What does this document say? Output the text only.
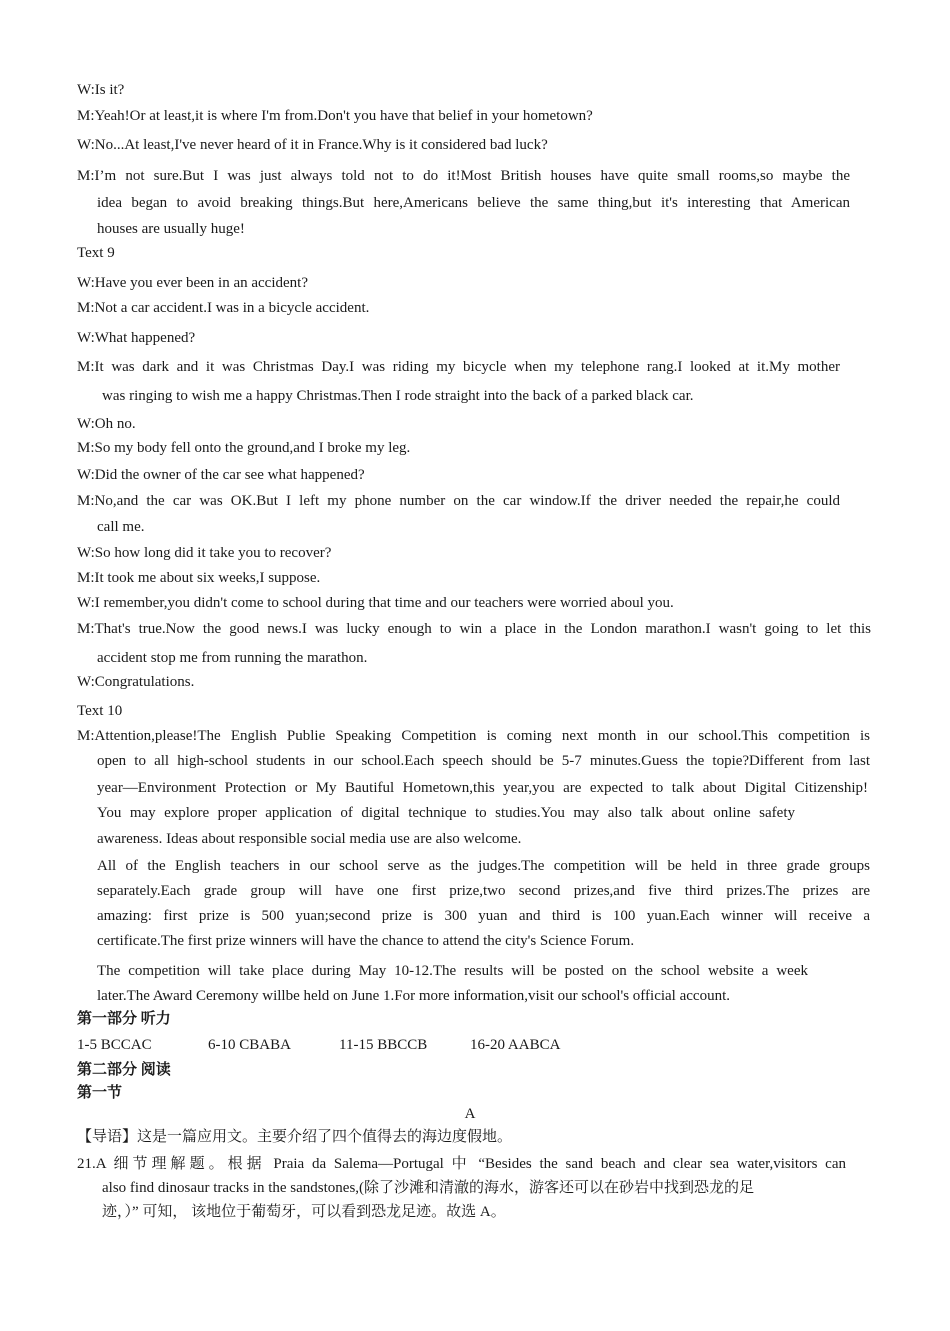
W:Is it?
M:Yeah!Or at least,it is where I'm from.Don't you have that belief in your hometown?
W:No...At least,I've never heard of it in France.Why is it considered bad luck?
M:I’m not sure.But I was just always told not to do it!Most British houses have quite small rooms,so maybe the
idea began to avoid breaking things.But here,Americans believe the same thing,but it's interesting that American
houses are usually huge!
Text 9
W:Have you ever been in an accident?
M:Not a car accident.I was in a bicycle accident.
W:What happened?
M:It was dark and it was Christmas Day.I was riding my bicycle when my telephone rang.I looked at it.My mother
was ringing to wish me a happy Christmas.Then I rode straight into the back of a parked black car.
W:Oh no.
M:So my body fell onto the ground,and I broke my leg.
W:Did the owner of the car see what happened?
M:No,and the car was OK.But I left my phone number on the car window.If the driver needed the repair,he could
call me.
W:So how long did it take you to recover?
M:It took me about six weeks,I suppose.
W:I remember,you didn't come to school during that time and our teachers were worried aboul you.
M:That's true.Now the good news.I was lucky enough to win a place in the London marathon.I wasn't going to let this
accident stop me from running the marathon.
W:Congratulations.
Text 10
M:Attention,please!The English Publie Speaking Competition is coming next month in our school.This competition is
open to all high-school students in our school.Each speech should be 5-7 minutes.Guess the topie?Different from last
year—Environment Protection or My Bautiful Hometown,this year,you are expected to talk about Digital Citizenship!
You may explore proper application of digital technique to studies.You may also talk about online safety
awareness. Ideas about responsible social media use are also welcome.
All of the English teachers in our school serve as the judges.The competition will be held in three grade groups
separately.Each grade group will have one first prize,two second prizes,and five third prizes.The prizes are
amazing: first prize is 500 yuan;second prize is 300 yuan and third is 100 yuan.Each winner will receive a
certificate.The first prize winners will have the chance to attend the city's Science Forum.
The competition will take place during May 10-12.The results will be posted on the school website a week
later.The Award Ceremony willbe held on June 1.For more information,visit our school's official account.
第一部分 听力
1-5 BCCAC	6-10 CBABA	11-15 BBCCB	16-20 AABCA
第二部分 阅读
第一节
A
【导语】这是一篇应用文。主要介绍了四个值得去的海边度假地。
21.A 细节理解题。根据 Praia da Salema—Portugal 中 “Besides the sand beach and clear sea water,visitors can
also find dinosaur tracks in the sandstones,(除了沙滩和清澈的海水，游客还可以在砂岩中找到恐龙的足
迹，）” 可知， 该地位于葡萄牙，可以看到恐龙足迹。故选 A。
